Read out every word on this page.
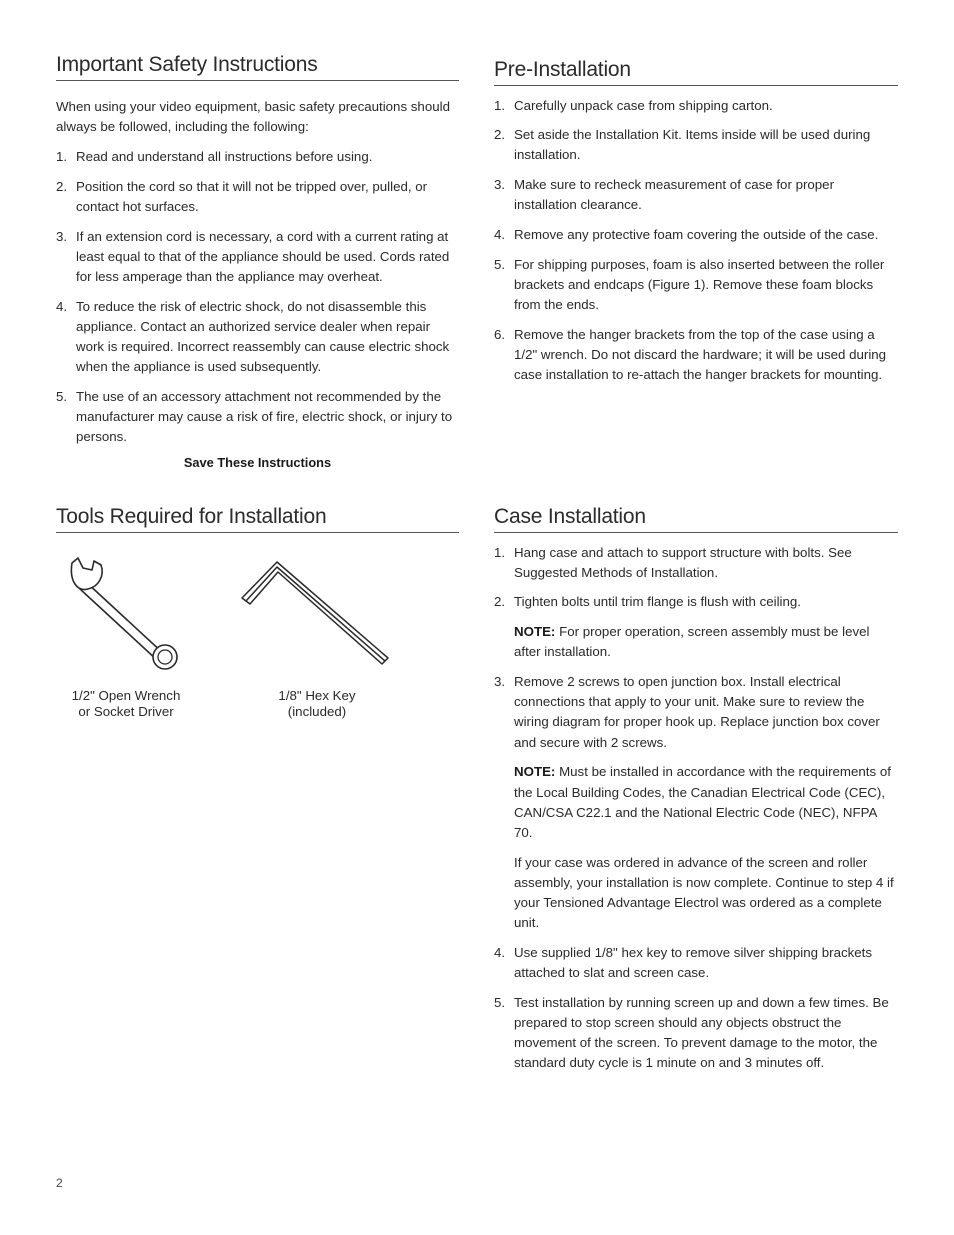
Important Safety Instructions

When using your video equipment, basic safety precautions should always be followed, including the following:

1. Read and understand all instructions before using.
2. Position the cord so that it will not be tripped over, pulled, or contact hot surfaces.
3. If an extension cord is necessary, a cord with a current rating at least equal to that of the appliance should be used. Cords rated for less amperage than the appliance may overheat.
4. To reduce the risk of electric shock, do not disassemble this appliance. Contact an authorized service dealer when repair work is required. Incorrect reassembly can cause electric shock when the appliance is used subsequently.
5. The use of an accessory attachment not recommended by the manufacturer may cause a risk of fire, electric shock, or injury to persons.
Save These Instructions
Pre-Installation
1. Carefully unpack case from shipping carton.
2. Set aside the Installation Kit. Items inside will be used during installation.
3. Make sure to recheck measurement of case for proper installation clearance.
4. Remove any protective foam covering the outside of the case.
5. For shipping purposes, foam is also inserted between the roller brackets and endcaps (Figure 1). Remove these foam blocks from the ends.
6. Remove the hanger brackets from the top of the case using a 1/2" wrench. Do not discard the hardware; it will be used during case installation to re-attach the hanger brackets for mounting.
Tools Required for Installation
1/2" Open Wrench
or Socket Driver
1/8" Hex Key
(included)
Case Installation
1. Hang case and attach to support structure with bolts. See Suggested Methods of Installation.

2. Tighten bolts until trim flange is flush with ceiling.

NOTE: For proper operation, screen assembly must be level after installation.

3. Remove 2 screws to open junction box. Install electrical connections that apply to your unit. Make sure to review the wiring diagram for proper hook up. Replace junction box cover and secure with 2 screws.

NOTE: Must be installed in accordance with the requirements of the Local Building Codes, the Canadian Electrical Code (CEC), CAN/CSA C22.1 and the National Electric Code (NEC), NFPA 70.

If your case was ordered in advance of the screen and roller assembly, your installation is now complete. Continue to step 4 if your Tensioned Advantage Electrol was ordered as a complete unit.

4. Use supplied 1/8" hex key to remove silver shipping brackets attached to slat and screen case.

5. Test installation by running screen up and down a few times. Be prepared to stop screen should any objects obstruct the movement of the screen. To prevent damage to the motor, the standard duty cycle is 1 minute on and 3 minutes off.

2
